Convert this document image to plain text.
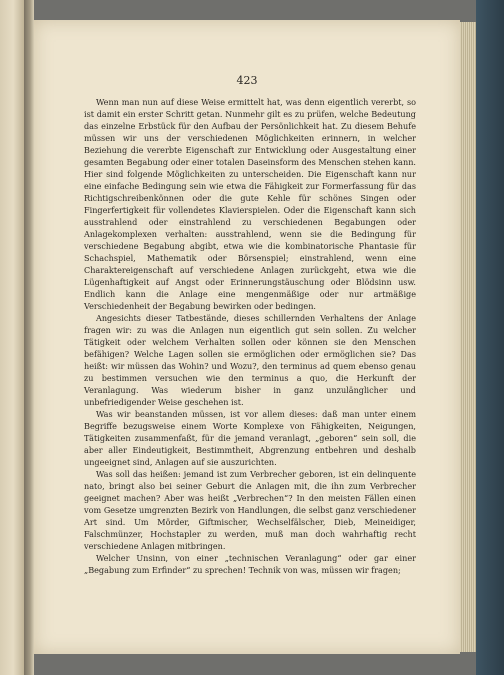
423

Wenn man nun auf diese Weise ermittelt hat, was denn eigentlich vererbt, so ist damit ein erster Schritt getan. Nunmehr gilt es zu prüfen, welche Bedeutung das einzelne Erbstück für den Aufbau der Persönlichkeit hat. Zu diesem Behufe müssen wir uns der verschiedenen Möglichkeiten erinnern, in welcher Beziehung die vererbte Eigenschaft zur Entwicklung oder Ausgestaltung einer gesamten Begabung oder einer totalen Daseinsform des Menschen stehen kann. Hier sind folgende Möglichkeiten zu unterscheiden. Die Eigenschaft kann nur eine einfache Bedingung sein wie etwa die Fähigkeit zur Formerfassung für das Richtigschreibenkönnen oder die gute Kehle für schönes Singen oder Fingerfertigkeit für vollendetes Klavierspielen. Oder die Eigenschaft kann sich ausstrahlend oder einstrahlend zu verschiedenen Begabungen oder Anlagekomplexen verhalten: ausstrahlend, wenn sie die Bedingung für verschiedene Begabung abgibt, etwa wie die kombinatorische Phantasie für Schachspiel, Mathematik oder Börsenspiel; einstrahlend, wenn eine Charaktereigenschaft auf verschiedene Anlagen zurückgeht, etwa wie die Lügenhaftigkeit auf Angst oder Erinnerungstäuschung oder Blödsinn usw. Endlich kann die Anlage eine mengenmäßige oder nur artmäßige Verschiedenheit der Begabung bewirken oder bedingen.

Angesichts dieser Tatbestände, dieses schillernden Verhaltens der Anlage fragen wir: zu was die Anlagen nun eigentlich gut sein sollen. Zu welcher Tätigkeit oder welchem Verhalten sollen oder können sie den Menschen befähigen? Welche Lagen sollen sie ermöglichen oder ermöglichen sie? Das heißt: wir müssen das Wohin? und Wozu?, den terminus ad quem ebenso genau zu bestimmen versuchen wie den terminus a quo, die Herkunft der Veranlagung. Was wiederum bisher in ganz unzulänglicher und unbefriedigender Weise geschehen ist.

Was wir beanstanden müssen, ist vor allem dieses: daß man unter einem Begriffe bezugsweise einem Worte Komplexe von Fähigkeiten, Neigungen, Tätigkeiten zusammenfaßt, für die jemand veranlagt, „geboren“ sein soll, die aber aller Eindeutigkeit, Bestimmtheit, Abgrenzung entbehren und deshalb ungeeignet sind, Anlagen auf sie auszurichten.

Was soll das heißen: jemand ist zum Verbrecher geboren, ist ein delinquente nato, bringt also bei seiner Geburt die Anlagen mit, die ihn zum Verbrecher geeignet machen? Aber was heißt „Verbrechen“? In den meisten Fällen einen vom Gesetze umgrenzten Bezirk von Handlungen, die selbst ganz verschiedener Art sind. Um Mörder, Giftmischer, Wechselfälscher, Dieb, Meineidiger, Falschmünzer, Hochstapler zu werden, muß man doch wahrhaftig recht verschiedene Anlagen mitbringen.

Welcher Unsinn, von einer „technischen Veranlagung“ oder gar einer „Begabung zum Erfinder“ zu sprechen! Technik von was, müssen wir fragen;
